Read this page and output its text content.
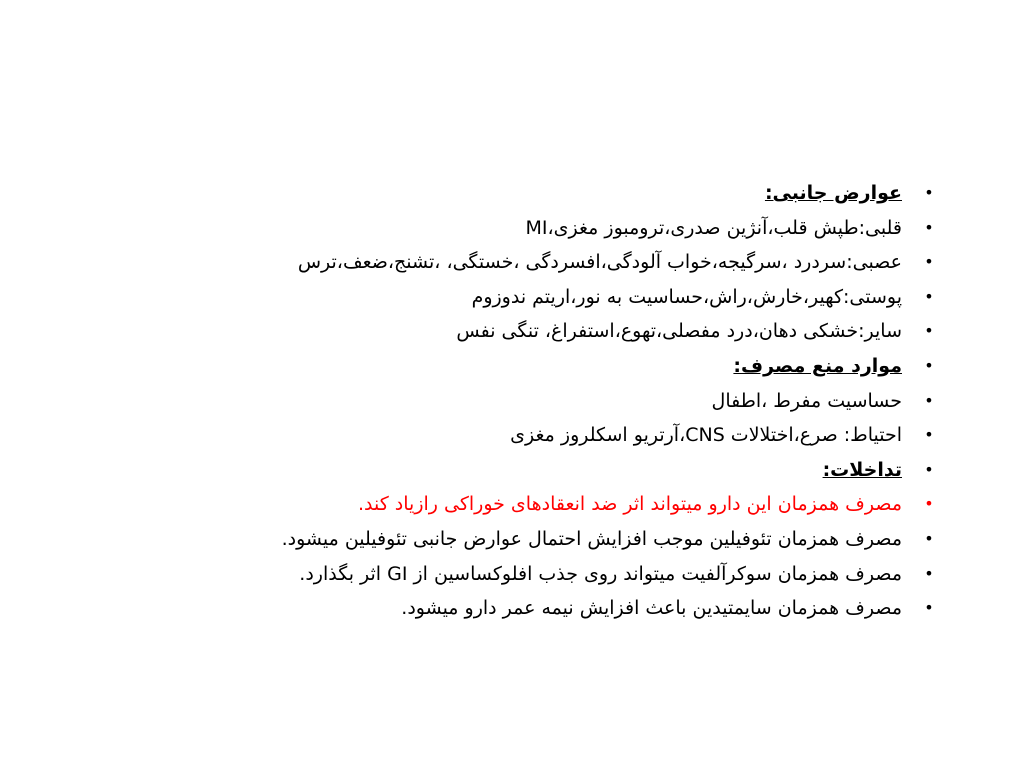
•
عوارض جانبی:
•
قلبی:طپش قلب،آنژین صدری،ترومبوز مغزی،MI
•
عصبی:سردرد ،سرگیجه،خواب آلودگی،افسردگی ،خستگی، ،تشنج،ضعف،ترس
•
پوستی:کهیر،خارش،راش،حساسیت به نور،اریتم ندوزوم
•
سایر:خشکی دهان،درد مفصلی،تهوع،استفراغ، تنگی نفس
•
موارد منع مصرف:
•
حساسیت مفرط ،اطفال
•
احتیاط: صرع،اختلالات CNS،آرتریو اسکلروز مغزی
•
تداخلات:
•
مصرف همزمان این دارو میتواند اثر ضد انعقادهای خوراکی رازیاد کند.
•
مصرف همزمان تئوفیلین موجب افزایش احتمال عوارض جانبی تئوفیلین میشود.
•
مصرف همزمان سوکرآلفیت میتواند روی جذب افلوکساسین از GI اثر بگذارد.
•
مصرف همزمان سایمتیدین باعث افزایش نیمه عمر دارو میشود.
